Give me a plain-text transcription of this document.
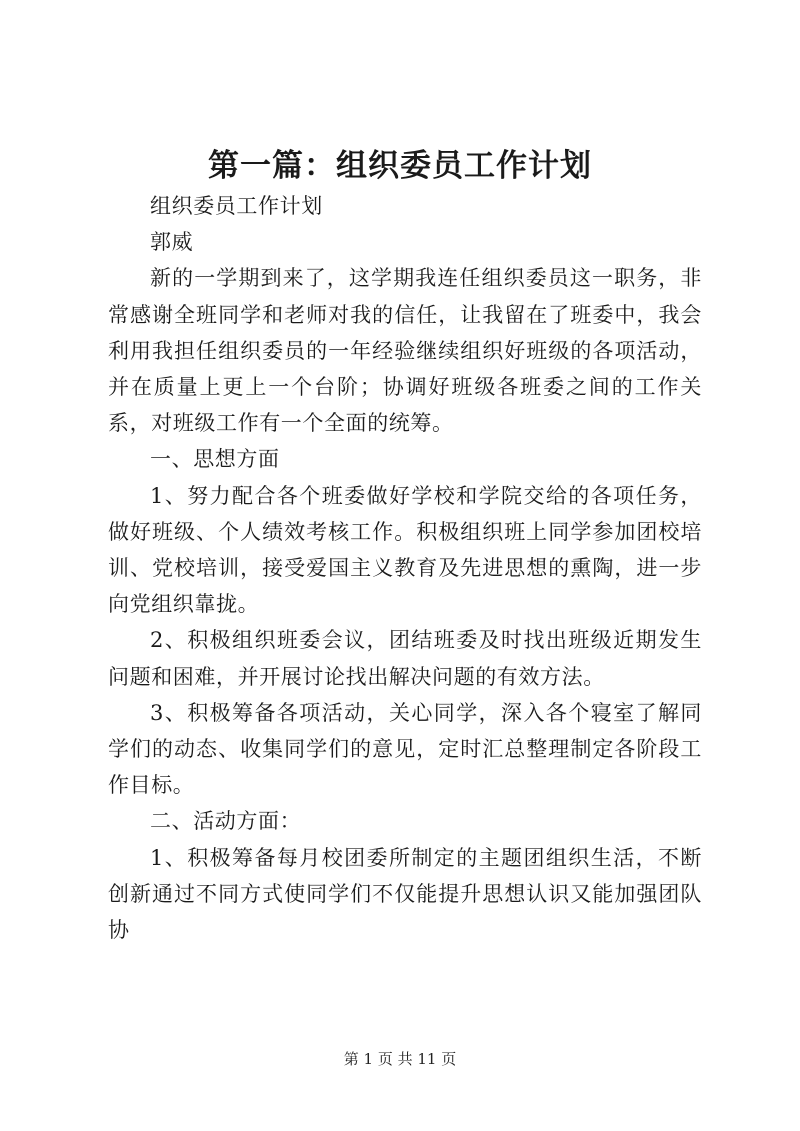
第一篇：组织委员工作计划

组织委员工作计划

郭威

新的一学期到来了，这学期我连任组织委员这一职务，非常感谢全班同学和老师对我的信任，让我留在了班委中，我会利用我担任组织委员的一年经验继续组织好班级的各项活动，并在质量上更上一个台阶；协调好班级各班委之间的工作关系，对班级工作有一个全面的统筹。

一、思想方面

1、努力配合各个班委做好学校和学院交给的各项任务，做好班级、个人绩效考核工作。积极组织班上同学参加团校培训、党校培训，接受爱国主义教育及先进思想的熏陶，进一步向党组织靠拢。

2、积极组织班委会议，团结班委及时找出班级近期发生问题和困难，并开展讨论找出解决问题的有效方法。

3、积极筹备各项活动，关心同学，深入各个寝室了解同学们的动态、收集同学们的意见，定时汇总整理制定各阶段工作目标。

二、活动方面：

1、积极筹备每月校团委所制定的主题团组织生活，不断创新通过不同方式使同学们不仅能提升思想认识又能加强团队协

第 1 页 共 11 页
